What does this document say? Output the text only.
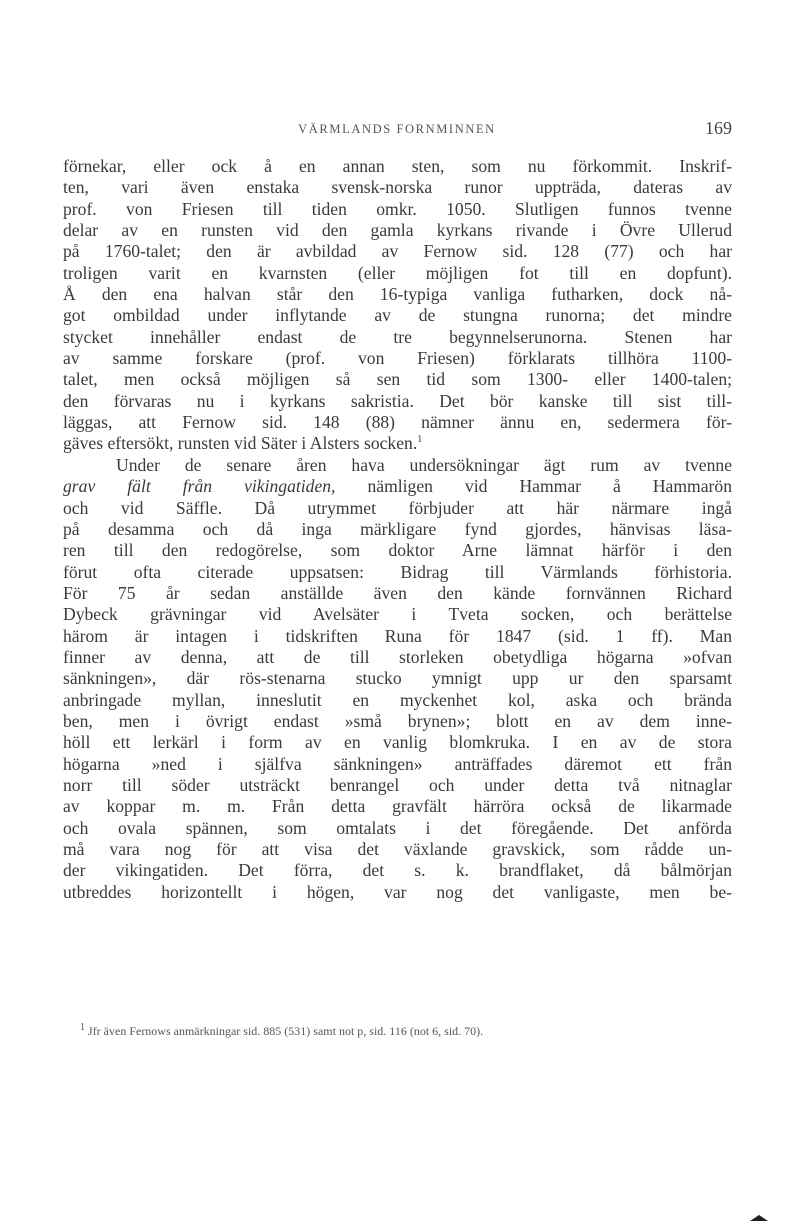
VÄRMLANDS FORNMINNEN	169
förnekar, eller ock å en annan sten, som nu förkommit. Inskrif-
ten, vari även enstaka svensk-norska runor uppträda, dateras av
prof. von Friesen till tiden omkr. 1050. Slutligen funnos tvenne
delar av en runsten vid den gamla kyrkans rivande i Övre Ullerud
på 1760-talet; den är avbildad av Fernow sid. 128 (77) och har
troligen varit en kvarnsten (eller möjligen fot till en dopfunt).
Å den ena halvan står den 16-typiga vanliga futharken, dock nå-
got ombildad under inflytande av de stungna runorna; det mindre
stycket innehåller endast de tre begynnelserunorna. Stenen har
av samme forskare (prof. von Friesen) förklarats tillhöra 1100-
talet, men också möjligen så sen tid som 1300- eller 1400-talen;
den förvaras nu i kyrkans sakristia. Det bör kanske till sist till-
läggas, att Fernow sid. 148 (88) nämner ännu en, sedermera för-
gäves eftersökt, runsten vid Säter i Alsters socken.$^1$
Under de senare åren hava undersökningar ägt rum av tvenne
grav fält från vikingatiden, nämligen vid Hammar å Hammarön
och vid Säffle. Då utrymmet förbjuder att här närmare ingå
på desamma och då inga märkligare fynd gjordes, hänvisas läsa-
ren till den redogörelse, som doktor Arne lämnat härför i den
förut ofta citerade uppsatsen: Bidrag till Värmlands förhistoria.
För 75 år sedan anställde även den kände fornvännen Richard
Dybeck grävningar vid Avelsäter i Tveta socken, och berättelse
härom är intagen i tidskriften Runa för 1847 (sid. 1 ff). Man
finner av denna, att de till storleken obetydliga högarna »ofvan
sänkningen», där rös-stenarna stucko ymnigt upp ur den sparsamt
anbringade myllan, inneslutit en myckenhet kol, aska och brända
ben, men i övrigt endast »små brynen»; blott en av dem inne-
höll ett lerkärl i form av en vanlig blomkruka. I en av de stora
högarna »ned i själfva sänkningen» anträffades däremot ett från
norr till söder utsträckt benrangel och under detta två nitnaglar
av koppar m. m. Från detta gravfält härröra också de likarmade
och ovala spännen, som omtalats i det föregående. Det anförda
må vara nog för att visa det växlande gravskick, som rådde un-
der vikingatiden. Det förra, det s. k. brandflaket, då bålmörjan
utbreddes horizontellt i högen, var nog det vanligaste, men be-
$^1$ Jfr även Fernows anmärkningar sid. 885 (531) samt not p, sid. 116 (not 6, sid. 70).
